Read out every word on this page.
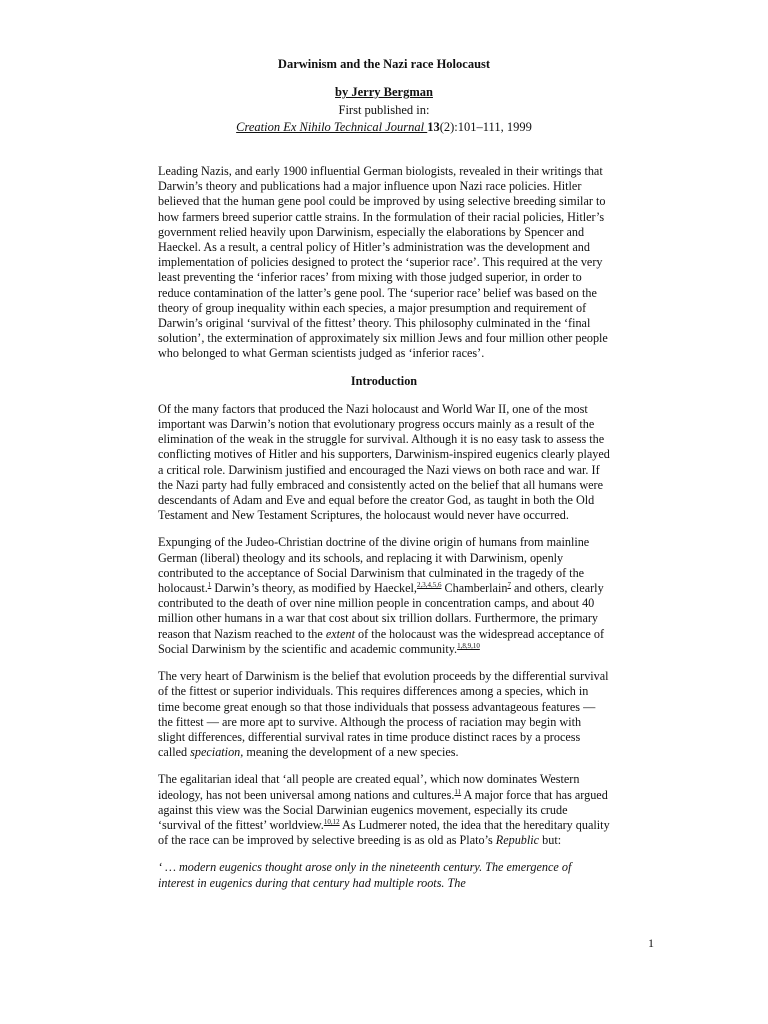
Darwinism and the Nazi race Holocaust
by Jerry Bergman
First published in:
Creation Ex Nihilo Technical Journal 13(2):101–111, 1999

Leading Nazis, and early 1900 influential German biologists, revealed in their writings that Darwin’s theory and publications had a major influence upon Nazi race policies. Hitler believed that the human gene pool could be improved by using selective breeding similar to how farmers breed superior cattle strains. In the formulation of their racial policies, Hitler’s government relied heavily upon Darwinism, especially the elaborations by Spencer and Haeckel. As a result, a central policy of Hitler’s administration was the development and implementation of policies designed to protect the ‘superior race’. This required at the very least preventing the ‘inferior races’ from mixing with those judged superior, in order to reduce contamination of the latter’s gene pool. The ‘superior race’ belief was based on the theory of group inequality within each species, a major presumption and requirement of Darwin’s original ‘survival of the fittest’ theory. This philosophy culminated in the ‘final solution’, the extermination of approximately six million Jews and four million other people who belonged to what German scientists judged as ‘inferior races’.

Introduction

Of the many factors that produced the Nazi holocaust and World War II, one of the most important was Darwin’s notion that evolutionary progress occurs mainly as a result of the elimination of the weak in the struggle for survival. Although it is no easy task to assess the conflicting motives of Hitler and his supporters, Darwinism-inspired eugenics clearly played a critical role. Darwinism justified and encouraged the Nazi views on both race and war. If the Nazi party had fully embraced and consistently acted on the belief that all humans were descendants of Adam and Eve and equal before the creator God, as taught in both the Old Testament and New Testament Scriptures, the holocaust would never have occurred.

Expunging of the Judeo-Christian doctrine of the divine origin of humans from mainline German (liberal) theology and its schools, and replacing it with Darwinism, openly contributed to the acceptance of Social Darwinism that culminated in the tragedy of the holocaust.$^1$ Darwin’s theory, as modified by Haeckel,$^{2,3,4,5,6}$ Chamberlain$^7$ and others, clearly contributed to the death of over nine million people in concentration camps, and about 40 million other humans in a war that cost about six trillion dollars. Furthermore, the primary reason that Nazism reached to the extent of the holocaust was the widespread acceptance of Social Darwinism by the scientific and academic community.$^{1,8,9,10}$

The very heart of Darwinism is the belief that evolution proceeds by the differential survival of the fittest or superior individuals. This requires differences among a species, which in time become great enough so that those individuals that possess advantageous features — the fittest — are more apt to survive. Although the process of raciation may begin with slight differences, differential survival rates in time produce distinct races by a process called speciation, meaning the development of a new species.

The egalitarian ideal that ‘all people are created equal’, which now dominates Western ideology, has not been universal among nations and cultures.$^{11}$ A major force that has argued against this view was the Social Darwinian eugenics movement, especially its crude ‘survival of the fittest’ worldview.$^{10,12}$ As Ludmerer noted, the idea that the hereditary quality of the race can be improved by selective breeding is as old as Plato’s Republic but:

‘ … modern eugenics thought arose only in the nineteenth century. The emergence of interest in eugenics during that century had multiple roots. The

1
